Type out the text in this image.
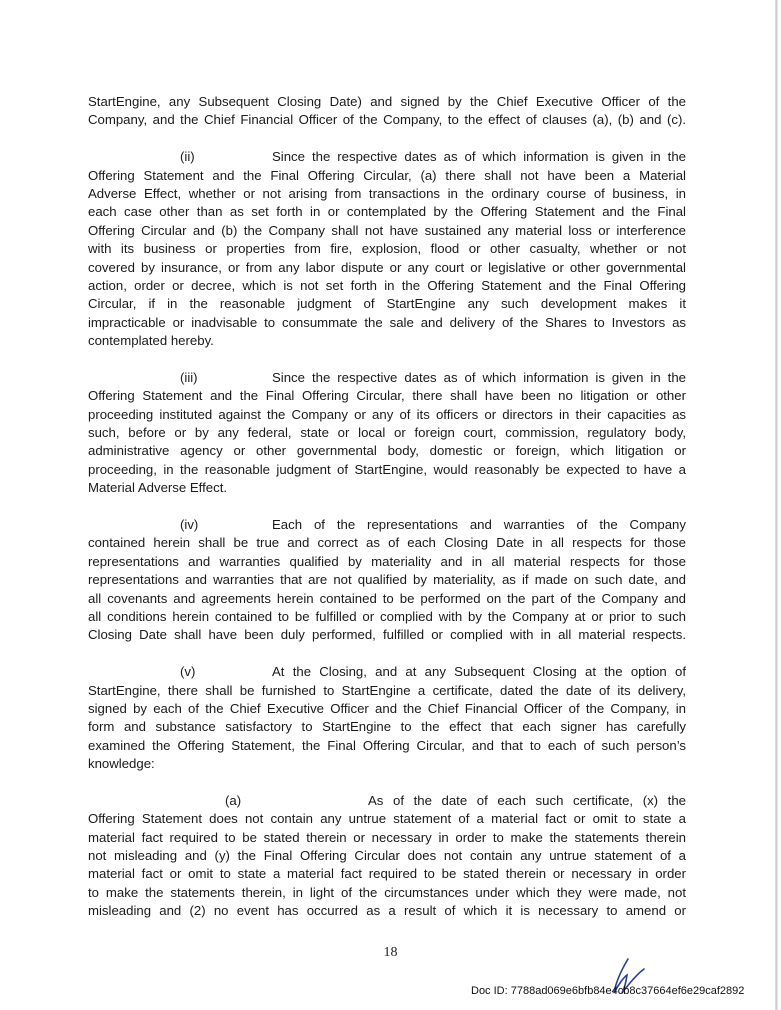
StartEngine, any Subsequent Closing Date) and signed by the Chief Executive Officer of the
Company, and the Chief Financial Officer of the Company, to the effect of clauses (a), (b) and (c).
(ii)	Since the respective dates as of which information is given in the
Offering Statement and the Final Offering Circular, (a) there shall not have been a Material
Adverse Effect, whether or not arising from transactions in the ordinary course of business, in
each case other than as set forth in or contemplated by the Offering Statement and the Final
Offering Circular and (b) the Company shall not have sustained any material loss or interference
with its business or properties from fire, explosion, flood or other casualty, whether or not
covered by insurance, or from any labor dispute or any court or legislative or other governmental
action, order or decree, which is not set forth in the Offering Statement and the Final Offering
Circular, if in the reasonable judgment of StartEngine any such development makes it
impracticable or inadvisable to consummate the sale and delivery of the Shares to Investors as
contemplated hereby.
(iii)	Since the respective dates as of which information is given in the
Offering Statement and the Final Offering Circular, there shall have been no litigation or other
proceeding instituted against the Company or any of its officers or directors in their capacities as
such, before or by any federal, state or local or foreign court, commission, regulatory body,
administrative agency or other governmental body, domestic or foreign, which litigation or
proceeding, in the reasonable judgment of StartEngine, would reasonably be expected to have a
Material Adverse Effect.
(iv)	Each of the representations and warranties of the Company
contained herein shall be true and correct as of each Closing Date in all respects for those
representations and warranties qualified by materiality and in all material respects for those
representations and warranties that are not qualified by materiality, as if made on such date, and
all covenants and agreements herein contained to be performed on the part of the Company and
all conditions herein contained to be fulfilled or complied with by the Company at or prior to such
Closing Date shall have been duly performed, fulfilled or complied with in all material respects.
(v)	At the Closing, and at any Subsequent Closing at the option of
StartEngine, there shall be furnished to StartEngine a certificate, dated the date of its delivery,
signed by each of the Chief Executive Officer and the Chief Financial Officer of the Company, in
form and substance satisfactory to StartEngine to the effect that each signer has carefully
examined the Offering Statement, the Final Offering Circular, and that to each of such person’s
knowledge:
(a)	As of the date of each such certificate, (x) the
Offering Statement does not contain any untrue statement of a material fact or omit to state a
material fact required to be stated therein or necessary in order to make the statements therein
not misleading and (y) the Final Offering Circular does not contain any untrue statement of a
material fact or omit to state a material fact required to be stated therein or necessary in order
to make the statements therein, in light of the circumstances under which they were made, not
misleading and (2) no event has occurred as a result of which it is necessary to amend or
18
Doc ID: 7788ad069e6bfb84e4cb8c37664ef6e29caf2892
